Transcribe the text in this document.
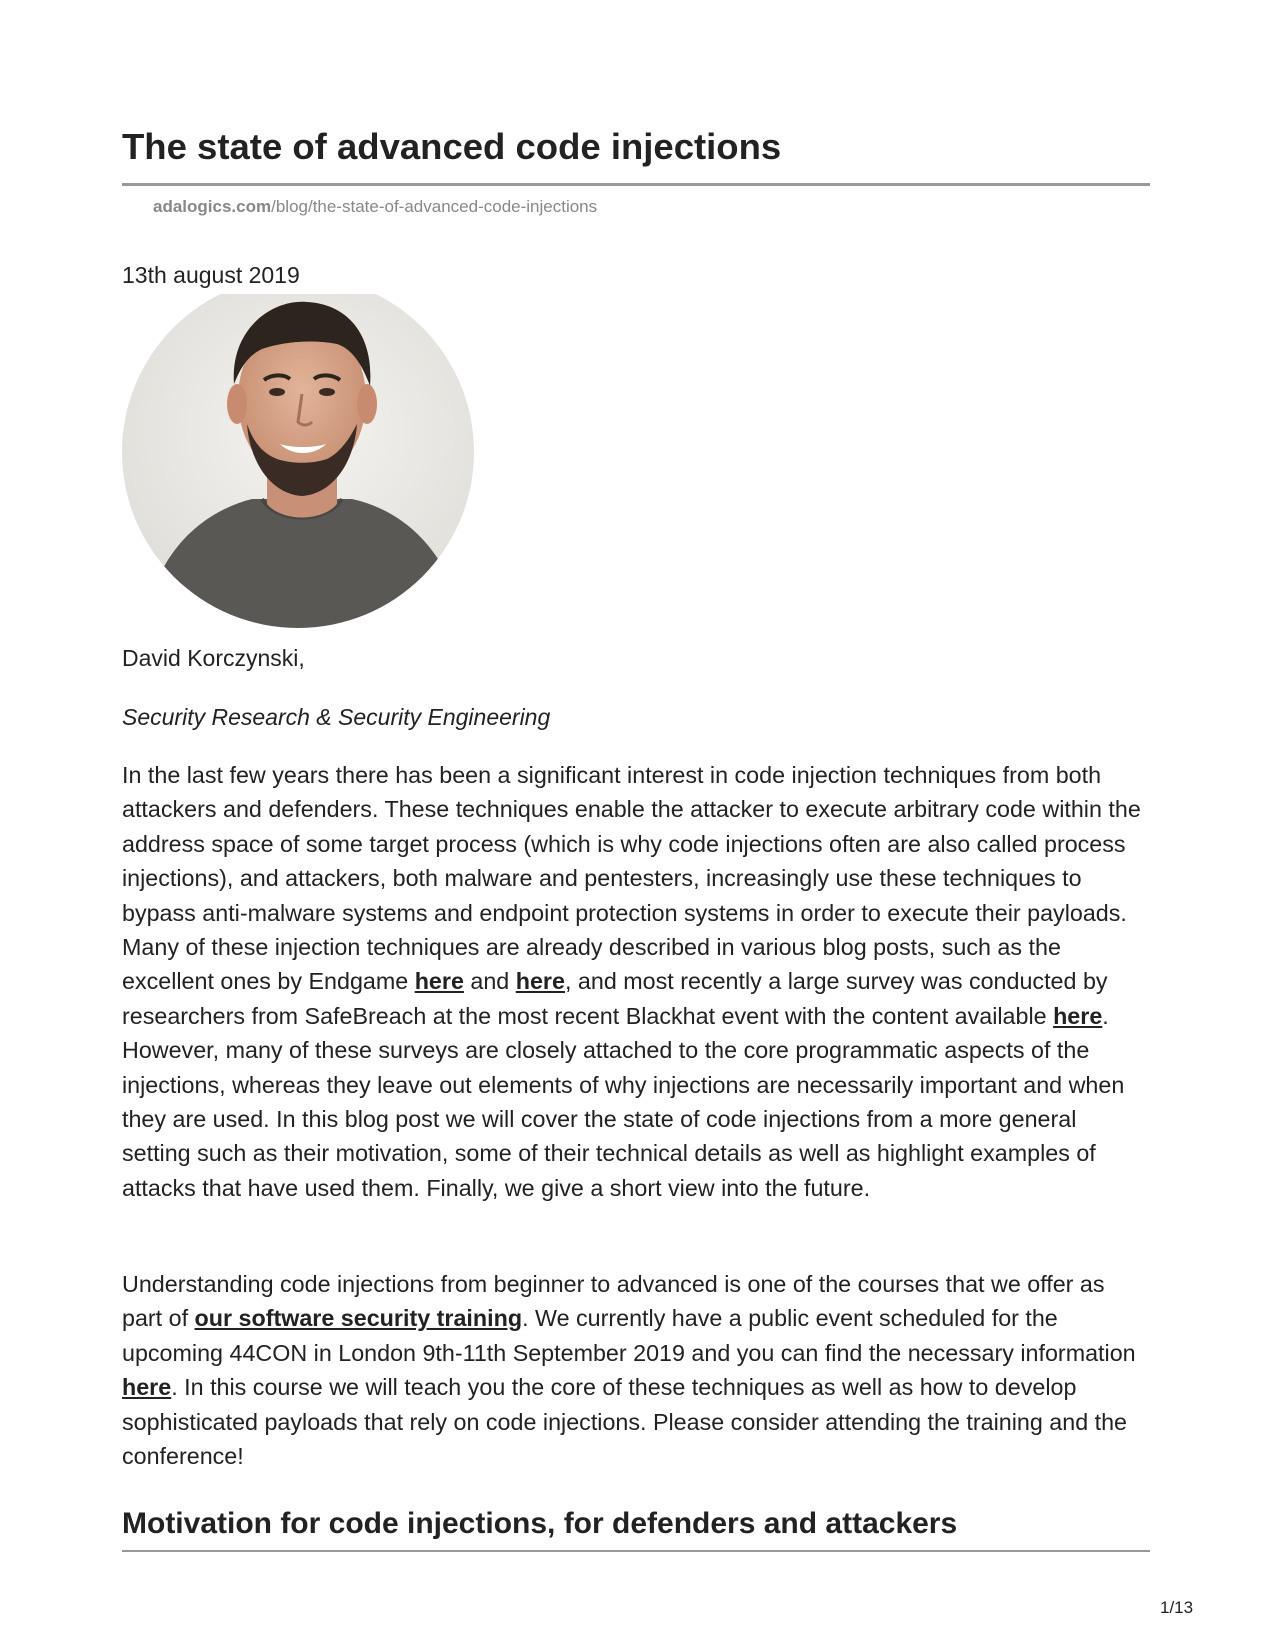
The state of advanced code injections
adalogics.com/blog/the-state-of-advanced-code-injections
13th august 2019
David Korczynski,
Security Research & Security Engineering

In the last few years there has been a significant interest in code injection techniques from both attackers and defenders. These techniques enable the attacker to execute arbitrary code within the address space of some target process (which is why code injections often are also called process injections), and attackers, both malware and pentesters, increasingly use these techniques to bypass anti-malware systems and endpoint protection systems in order to execute their payloads. Many of these injection techniques are already described in various blog posts, such as the excellent ones by Endgame here and here, and most recently a large survey was conducted by researchers from SafeBreach at the most recent Blackhat event with the content available here. However, many of these surveys are closely attached to the core programmatic aspects of the injections, whereas they leave out elements of why injections are necessarily important and when they are used. In this blog post we will cover the state of code injections from a more general setting such as their motivation, some of their technical details as well as highlight examples of attacks that have used them. Finally, we give a short view into the future.

Understanding code injections from beginner to advanced is one of the courses that we offer as part of our software security training. We currently have a public event scheduled for the upcoming 44CON in London 9th-11th September 2019 and you can find the necessary information here. In this course we will teach you the core of these techniques as well as how to develop sophisticated payloads that rely on code injections. Please consider attending the training and the conference!

Motivation for code injections, for defenders and attackers
1/13
